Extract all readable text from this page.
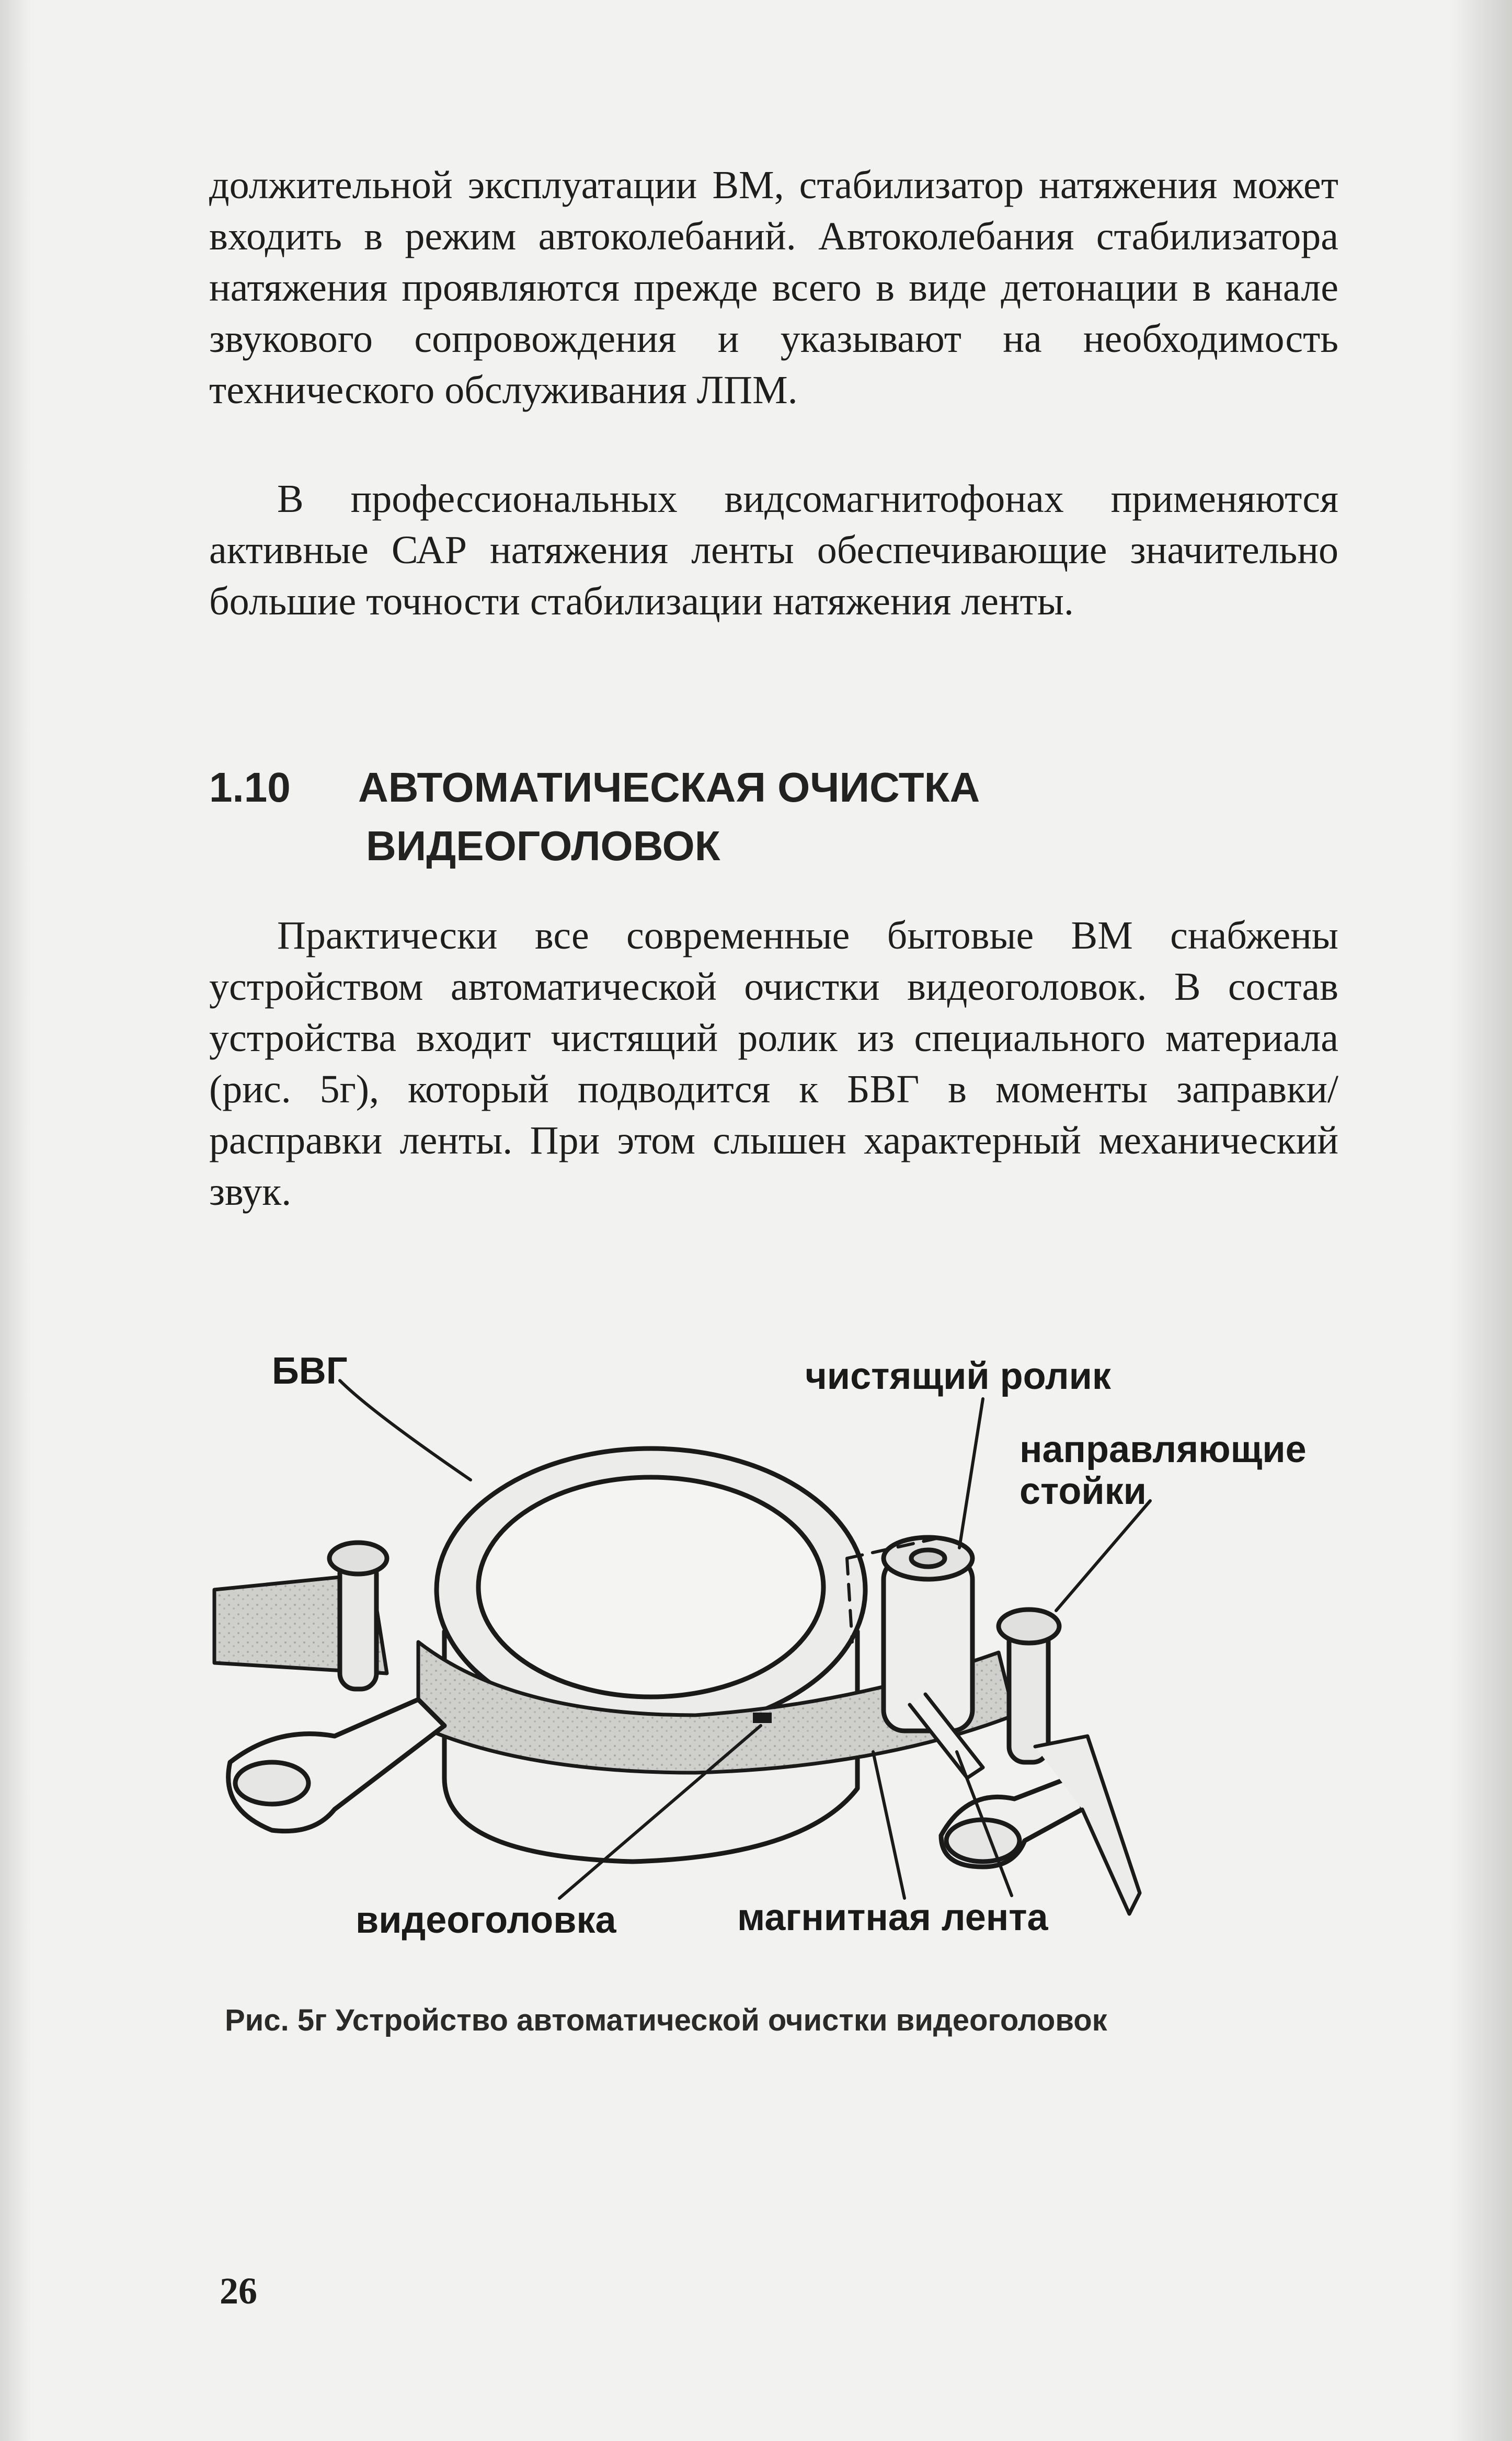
должительной эксплуатации ВМ, стабилизатор натяжения может входить в режим автоколебаний. Автоколебания стабилизатора натяжения проявляются прежде всего в виде детонации в канале звукового сопровождения и указывают на необходимость технического обслуживания ЛПМ.

В профессиональных видсомагнитофонах применяются активные САР натяжения ленты обеспечивающие значительно большие точности стабилизации натяжения ленты.

1.10 АВТОМАТИЧЕСКАЯ ОЧИСТКА
ВИДЕОГОЛОВОК

Практически все современные бытовые ВМ снабжены устройством автоматической очистки видеоголовок. В состав устройства входит чистящий ролик из специального материала (рис. 5г), который подводится к БВГ в моменты заправки/расправки ленты. При этом слышен характерный механический звук.

БВГ	чистящий ролик
направляющие
стойки
видеоголовка	магнитная лента
Рис. 5г Устройство автоматической очистки видеоголовок
26
